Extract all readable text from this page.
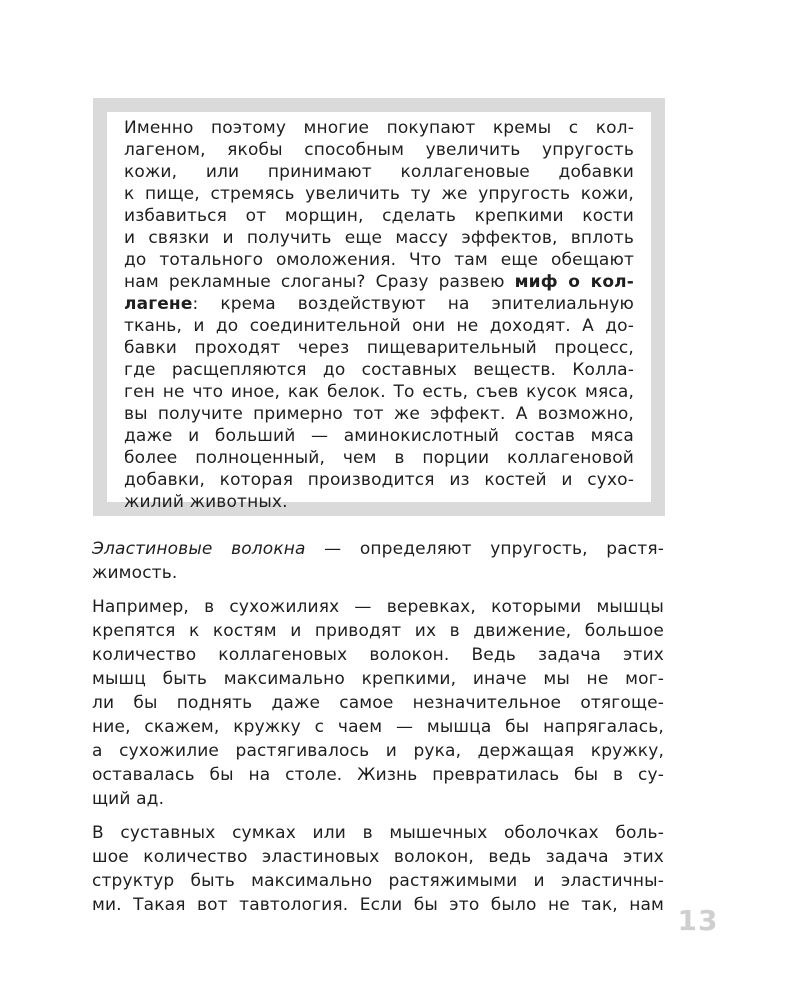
Именно поэтому многие покупают кремы с кол-
лагеном, якобы способным увеличить упругость
кожи, или принимают коллагеновые добавки
к пище, стремясь увеличить ту же упругость кожи,
избавиться от морщин, сделать крепкими кости
и связки и получить еще массу эффектов, вплоть
до тотального омоложения. Что там еще обещают
нам рекламные слоганы? Сразу развею миф о кол-
лагене: крема воздействуют на эпителиальную
ткань, и до соединительной они не доходят. А до-
бавки проходят через пищеварительный процесс,
где расщепляются до составных веществ. Колла-
ген не что иное, как белок. То есть, съев кусок мяса,
вы получите примерно тот же эффект. А возможно,
даже и больший — аминокислотный состав мяса
более полноценный, чем в порции коллагеновой
добавки, которая производится из костей и сухо-
жилий животных.
Эластиновые волокна — определяют упругость, растя-
жимость.
Например, в сухожилиях — веревках, которыми мышцы
крепятся к костям и приводят их в движение, большое
количество коллагеновых волокон. Ведь задача этих
мышц быть максимально крепкими, иначе мы не мог-
ли бы поднять даже самое незначительное отягоще-
ние, скажем, кружку с чаем — мышца бы напрягалась,
а сухожилие растягивалось и рука, держащая кружку,
оставалась бы на столе. Жизнь превратилась бы в су-
щий ад.
В суставных сумках или в мышечных оболочках боль-
шое количество эластиновых волокон, ведь задача этих
структур быть максимально растяжимыми и эластичны-
ми. Такая вот тавтология. Если бы это было не так, нам 13
